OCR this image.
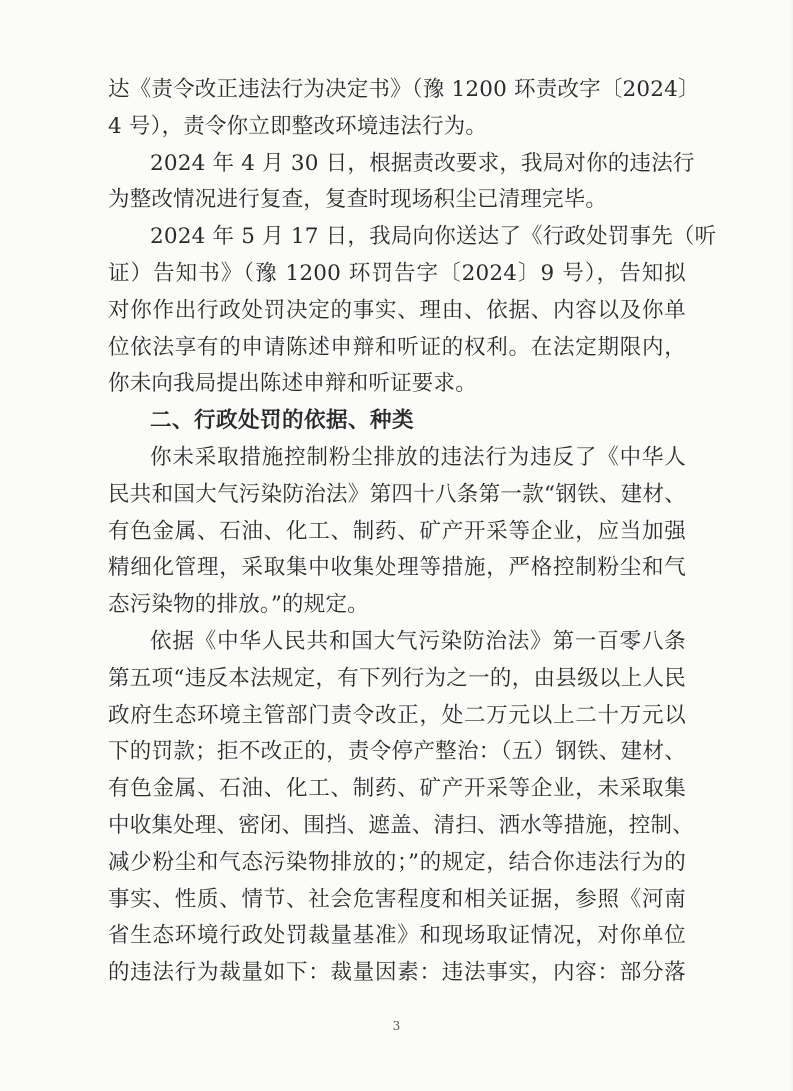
达《责令改正违法行为决定书》（豫 1200 环责改字〔2024〕
4 号），责令你立即整改环境违法行为。
2024 年 4 月 30 日，根据责改要求，我局对你的违法行
为整改情况进行复查，复查时现场积尘已清理完毕。
2024 年 5 月 17 日，我局向你送达了《行政处罚事先（听
证）告知书》（豫 1200 环罚告字〔2024〕9 号），告知拟
对你作出行政处罚决定的事实、理由、依据、内容以及你单
位依法享有的申请陈述申辩和听证的权利。在法定期限内，
你未向我局提出陈述申辩和听证要求。
二、行政处罚的依据、种类
你未采取措施控制粉尘排放的违法行为违反了《中华人
民共和国大气污染防治法》第四十八条第一款“钢铁、建材、
有色金属、石油、化工、制药、矿产开采等企业，应当加强
精细化管理，采取集中收集处理等措施，严格控制粉尘和气
态污染物的排放。”的规定。
依据《中华人民共和国大气污染防治法》第一百零八条
第五项“违反本法规定，有下列行为之一的，由县级以上人民
政府生态环境主管部门责令改正，处二万元以上二十万元以
下的罚款；拒不改正的，责令停产整治：（五）钢铁、建材、
有色金属、石油、化工、制药、矿产开采等企业，未采取集
中收集处理、密闭、围挡、遮盖、清扫、洒水等措施，控制、
减少粉尘和气态污染物排放的；”的规定，结合你违法行为的
事实、性质、情节、社会危害程度和相关证据，参照《河南
省生态环境行政处罚裁量基准》和现场取证情况，对你单位
的违法行为裁量如下：裁量因素：违法事实，内容：部分落
3
